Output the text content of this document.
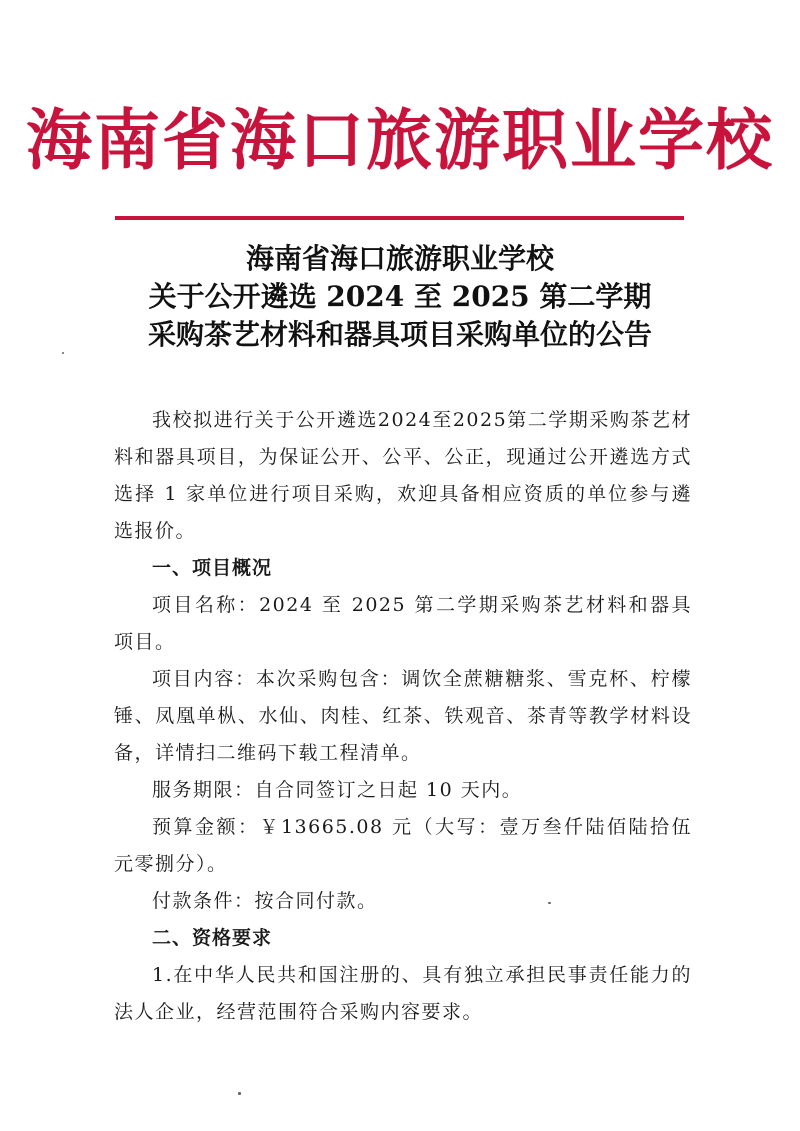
海南省海口旅游职业学校
海南省海口旅游职业学校
关于公开遴选 2024 至 2025 第二学期
采购茶艺材料和器具项目采购单位的公告

我校拟进行关于公开遴选2024至2025第二学期采购茶艺材料和器具项目，为保证公开、公平、公正，现通过公开遴选方式选择 1 家单位进行项目采购，欢迎具备相应资质的单位参与遴选报价。

一、项目概况

项目名称：2024 至 2025 第二学期采购茶艺材料和器具项目。

项目内容：本次采购包含：调饮全蔗糖糖浆、雪克杯、柠檬锤、凤凰单枞、水仙、肉桂、红茶、铁观音、茶青等教学材料设备，详情扫二维码下载工程清单。

服务期限：自合同签订之日起 10 天内。

预算金额：￥13665.08 元（大写：壹万叁仟陆佰陆拾伍元零捌分）。

付款条件：按合同付款。

二、资格要求

1.在中华人民共和国注册的、具有独立承担民事责任能力的法人企业，经营范围符合采购内容要求。
